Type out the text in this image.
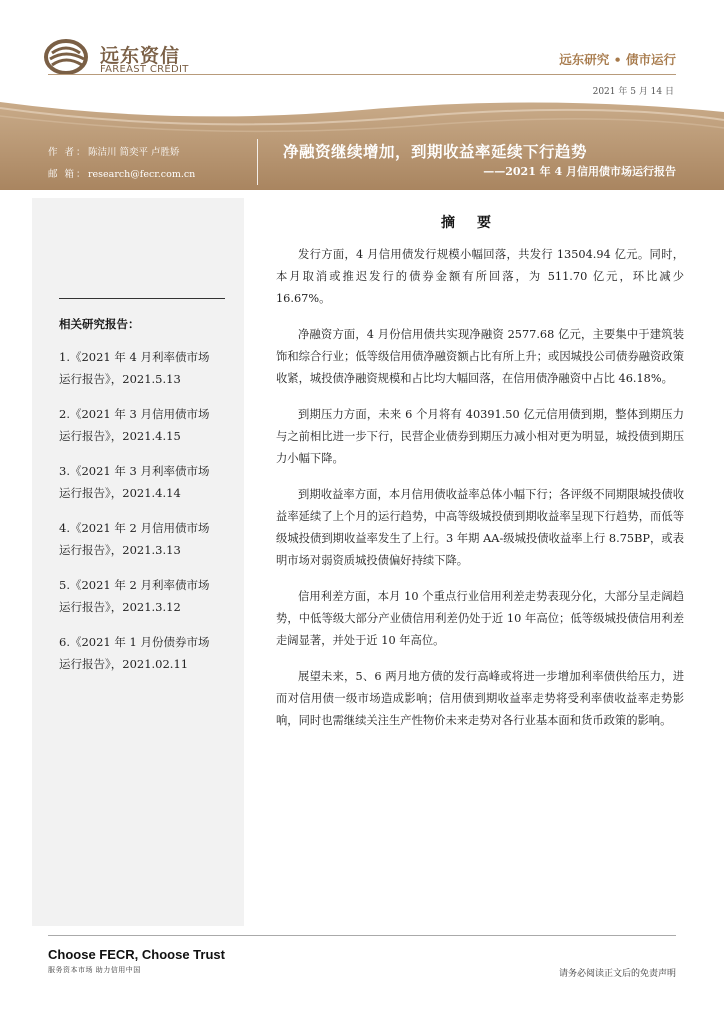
远东资信
FAREAST CREDIT
远东研究 • 债市运行
2021 年 5 月 14 日
作 者：陈洁川 简奕平 卢胜娇
邮 箱：research@fecr.com.cn
净融资继续增加，到期收益率延续下行趋势
——2021 年 4 月信用债市场运行报告
相关研究报告：
1.《2021 年 4 月利率债市场
运行报告》，2021.5.13
2.《2021 年 3 月信用债市场
运行报告》，2021.4.15
3.《2021 年 3 月利率债市场
运行报告》，2021.4.14
4.《2021 年 2 月信用债市场
运行报告》，2021.3.13
5.《2021 年 2 月利率债市场
运行报告》，2021.3.12
6.《2021 年 1 月份债券市场
运行报告》，2021.02.11
摘要

发行方面，4 月信用债发行规模小幅回落，共发行 13504.94 亿元。同时，本月取消或推迟发行的债券金额有所回落，为 511.70 亿元，环比减少 16.67%。

净融资方面，4 月份信用债共实现净融资 2577.68 亿元，主要集中于建筑装饰和综合行业；低等级信用债净融资额占比有所上升；或因城投公司债券融资政策收紧，城投债净融资规模和占比均大幅回落，在信用债净融资中占比 46.18%。

到期压力方面，未来 6 个月将有 40391.50 亿元信用债到期，整体到期压力与之前相比进一步下行，民营企业债券到期压力减小相对更为明显，城投债到期压力小幅下降。

到期收益率方面，本月信用债收益率总体小幅下行；各评级不同期限城投债收益率延续了上个月的运行趋势，中高等级城投债到期收益率呈现下行趋势，而低等级城投债到期收益率发生了上行。3 年期 AA-级城投债收益率上行 8.75BP，或表明市场对弱资质城投债偏好持续下降。

信用利差方面，本月 10 个重点行业信用利差走势表现分化，大部分呈走阔趋势，中低等级大部分产业债信用利差仍处于近 10 年高位；低等级城投债信用利差走阔显著，并处于近 10 年高位。

展望未来，5、6 两月地方债的发行高峰或将进一步增加利率债供给压力，进而对信用债一级市场造成影响；信用债到期收益率走势将受利率债收益率走势影响，同时也需继续关注生产性物价未来走势对各行业基本面和货币政策的影响。

Choose FECR, Choose Trust
服务资本市场 助力信用中国	请务必阅读正文后的免责声明
